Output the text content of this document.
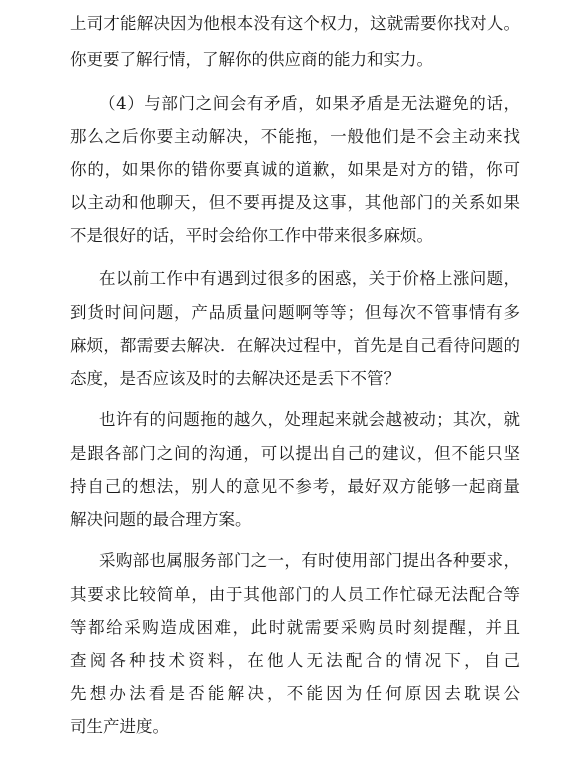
上司才能解决因为他根本没有这个权力，这就需要你找对人。
你更要了解行情，了解你的供应商的能力和实力。
（4）与部门之间会有矛盾，如果矛盾是无法避免的话，
那么之后你要主动解决，不能拖，一般他们是不会主动来找
你的，如果你的错你要真诚的道歉，如果是对方的错，你可
以主动和他聊天，但不要再提及这事，其他部门的关系如果
不是很好的话，平时会给你工作中带来很多麻烦。
在以前工作中有遇到过很多的困惑，关于价格上涨问题，
到货时间问题，产品质量问题啊等等；但每次不管事情有多
麻烦，都需要去解决．在解决过程中，首先是自己看待问题的
态度，是否应该及时的去解决还是丢下不管？
也许有的问题拖的越久，处理起来就会越被动；其次，就
是跟各部门之间的沟通，可以提出自己的建议，但不能只坚
持自己的想法，别人的意见不参考，最好双方能够一起商量
解决问题的最合理方案。
采购部也属服务部门之一，有时使用部门提出各种要求，
其要求比较简单，由于其他部门的人员工作忙碌无法配合等
等都给采购造成困难，此时就需要采购员时刻提醒，并且
查阅各种技术资料，在他人无法配合的情况下，自己
先想办法看是否能解决，不能因为任何原因去耽误公
司生产进度。
